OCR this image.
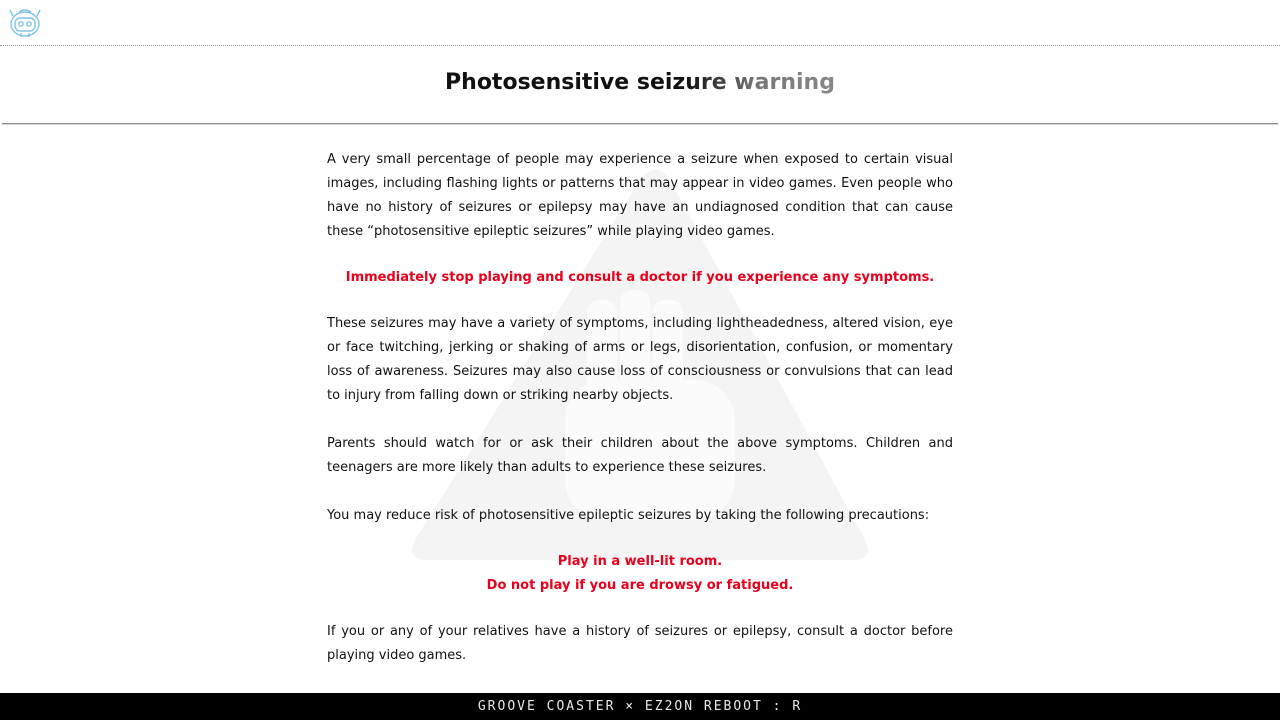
Photosensitive seizure warning

A very small percentage of people may experience a seizure when exposed to certain visual images, including flashing lights or patterns that may appear in video games. Even people who have no history of seizures or epilepsy may have an undiagnosed condition that can cause these “photosensitive epileptic seizures” while playing video games.

Immediately stop playing and consult a doctor if you experience any symptoms.

These seizures may have a variety of symptoms, including lightheadedness, altered vision, eye or face twitching, jerking or shaking of arms or legs, disorientation, confusion, or momentary loss of awareness. Seizures may also cause loss of consciousness or convulsions that can lead to injury from falling down or striking nearby objects.

Parents should watch for or ask their children about the above symptoms. Children and teenagers are more likely than adults to experience these seizures.

You may reduce risk of photosensitive epileptic seizures by taking the following precautions:

Play in a well-lit room.

Do not play if you are drowsy or fatigued.

If you or any of your relatives have a history of seizures or epilepsy, consult a doctor before playing video games.

GROOVE COASTER × EZ2ON REBOOT : R
